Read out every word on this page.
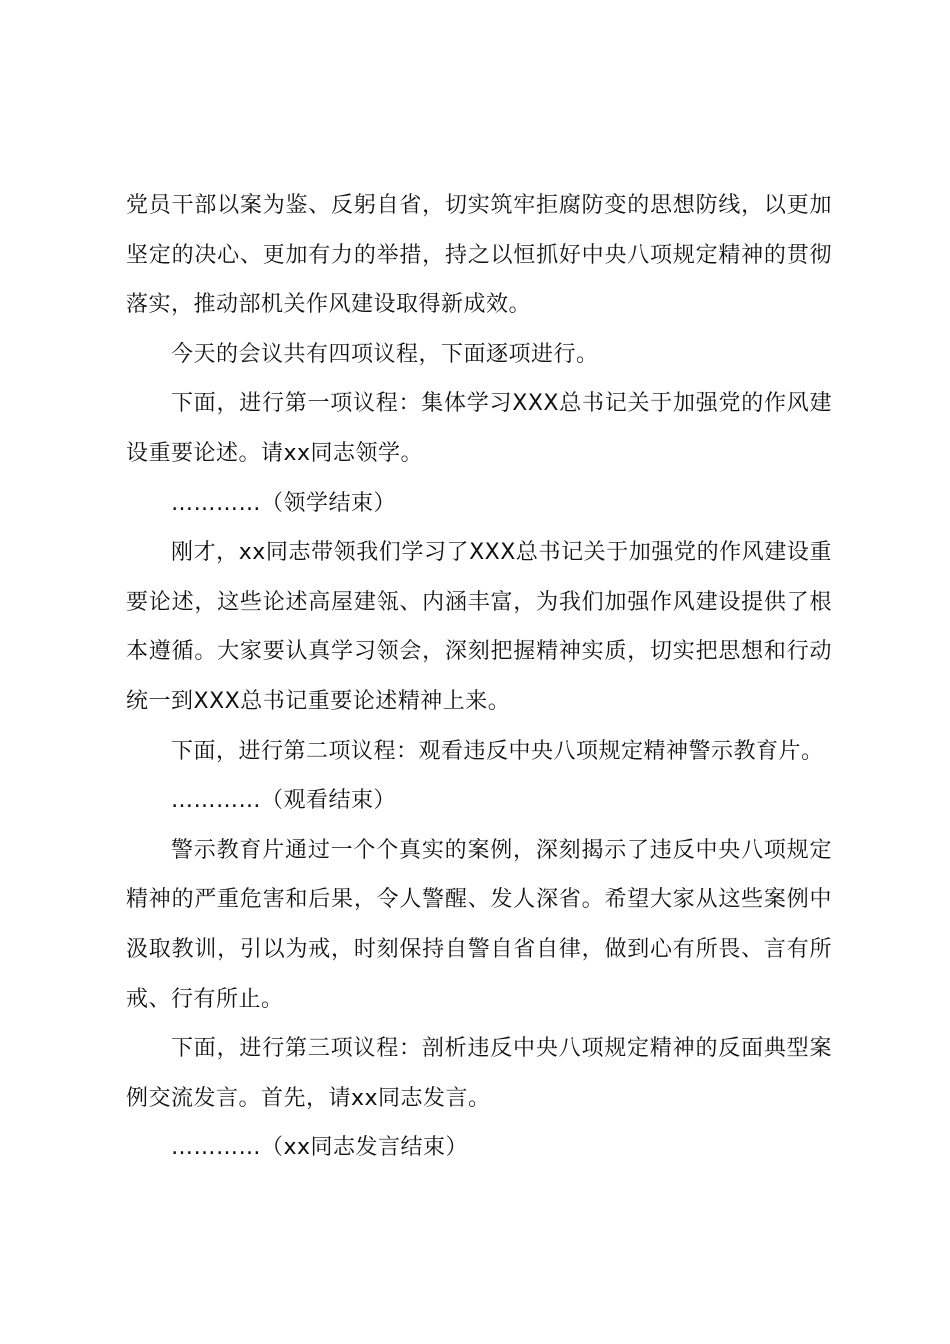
党员干部以案为鉴、反躬自省，切实筑牢拒腐防变的思想防线，以更加坚定的决心、更加有力的举措，持之以恒抓好中央八项规定精神的贯彻落实，推动部机关作风建设取得新成效。

今天的会议共有四项议程，下面逐项进行。

下面，进行第一项议程：集体学习XXX总书记关于加强党的作风建设重要论述。请xx同志领学。

…………（领学结束）

刚才，xx同志带领我们学习了XXX总书记关于加强党的作风建设重要论述，这些论述高屋建瓴、内涵丰富，为我们加强作风建设提供了根本遵循。大家要认真学习领会，深刻把握精神实质，切实把思想和行动统一到XXX总书记重要论述精神上来。

下面，进行第二项议程：观看违反中央八项规定精神警示教育片。

…………（观看结束）

警示教育片通过一个个真实的案例，深刻揭示了违反中央八项规定精神的严重危害和后果，令人警醒、发人深省。希望大家从这些案例中汲取教训，引以为戒，时刻保持自警自省自律，做到心有所畏、言有所戒、行有所止。

下面，进行第三项议程：剖析违反中央八项规定精神的反面典型案例交流发言。首先，请xx同志发言。

…………（xx同志发言结束）
